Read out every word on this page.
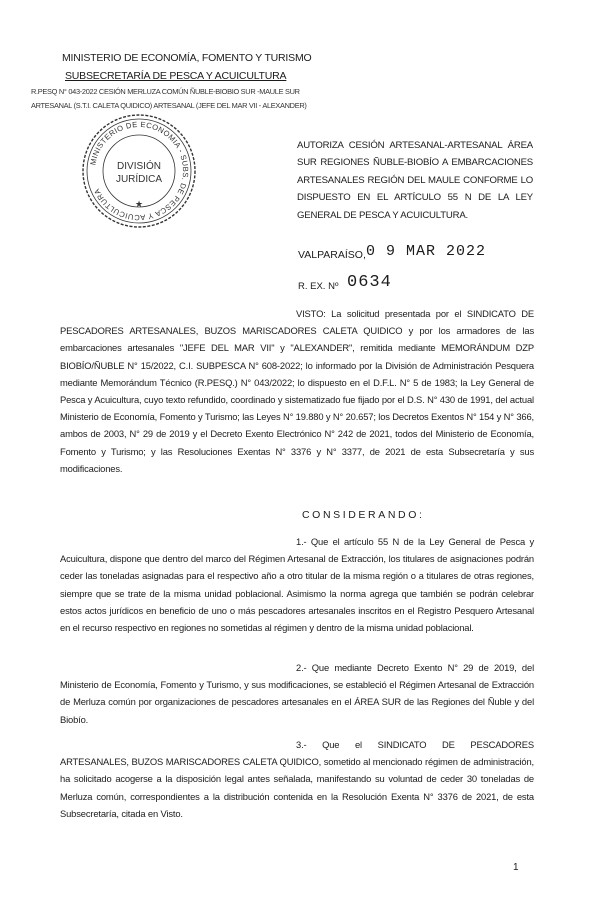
MINISTERIO DE ECONOMÍA, FOMENTO Y TURISMO
SUBSECRETARÍA DE PESCA Y ACUICULTURA
R.PESQ N° 043-2022 CESIÓN MERLUZA COMÚN ÑUBLE-BIOBIO SUR -MAULE SUR
ARTESANAL (S.T.I. CALETA QUIDICO) ARTESANAL (JEFE DEL MAR VII - ALEXANDER)
MINISTERIO DE ECONOMIA - SUBS. DE PESCA Y ACUICULTURA
DIVISIÓN
JURÍDICA
★
AUTORIZA CESIÓN ARTESANAL-ARTESANAL ÁREA SUR REGIONES ÑUBLE-BIOBÍO A EMBARCACIONES ARTESANALES REGIÓN DEL MAULE CONFORME LO DISPUESTO EN EL ARTÍCULO 55 N DE LA LEY GENERAL DE PESCA Y ACUICULTURA.
VALPARAÍSO, 0 9 MAR 2022
R. EX. Nº 0634
VISTO: La solicitud presentada por el SINDICATO DE PESCADORES ARTESANALES, BUZOS MARISCADORES CALETA QUIDICO y por los armadores de las embarcaciones artesanales "JEFE DEL MAR VII" y "ALEXANDER", remitida mediante MEMORÁNDUM DZP BIOBÍO/ÑUBLE N° 15/2022, C.I. SUBPESCA N° 608-2022; lo informado por la División de Administración Pesquera mediante Memorándum Técnico (R.PESQ.) N° 043/2022; lo dispuesto en el D.F.L. N° 5 de 1983; la Ley General de Pesca y Acuicultura, cuyo texto refundido, coordinado y sistematizado fue fijado por el D.S. N° 430 de 1991, del actual Ministerio de Economía, Fomento y Turismo; las Leyes N° 19.880 y N° 20.657; los Decretos Exentos N° 154 y N° 366, ambos de 2003, N° 29 de 2019 y el Decreto Exento Electrónico N° 242 de 2021, todos del Ministerio de Economía, Fomento y Turismo; y las Resoluciones Exentas N° 3376 y N° 3377, de 2021 de esta Subsecretaría y sus modificaciones.
CONSIDERANDO:
1.- Que el artículo 55 N de la Ley General de Pesca y Acuicultura, dispone que dentro del marco del Régimen Artesanal de Extracción, los titulares de asignaciones podrán ceder las toneladas asignadas para el respectivo año a otro titular de la misma región o a titulares de otras regiones, siempre que se trate de la misma unidad poblacional. Asimismo la norma agrega que también se podrán celebrar estos actos jurídicos en beneficio de uno o más pescadores artesanales inscritos en el Registro Pesquero Artesanal en el recurso respectivo en regiones no sometidas al régimen y dentro de la misma unidad poblacional.
2.- Que mediante Decreto Exento N° 29 de 2019, del Ministerio de Economía, Fomento y Turismo, y sus modificaciones, se estableció el Régimen Artesanal de Extracción de Merluza común por organizaciones de pescadores artesanales en el ÁREA SUR de las Regiones del Ñuble y del Biobío.
3.- Que el SINDICATO DE PESCADORES ARTESANALES, BUZOS MARISCADORES CALETA QUIDICO, sometido al mencionado régimen de administración, ha solicitado acogerse a la disposición legal antes señalada, manifestando su voluntad de ceder 30 toneladas de Merluza común, correspondientes a la distribución contenida en la Resolución Exenta N° 3376 de 2021, de esta Subsecretaría, citada en Visto.
1
